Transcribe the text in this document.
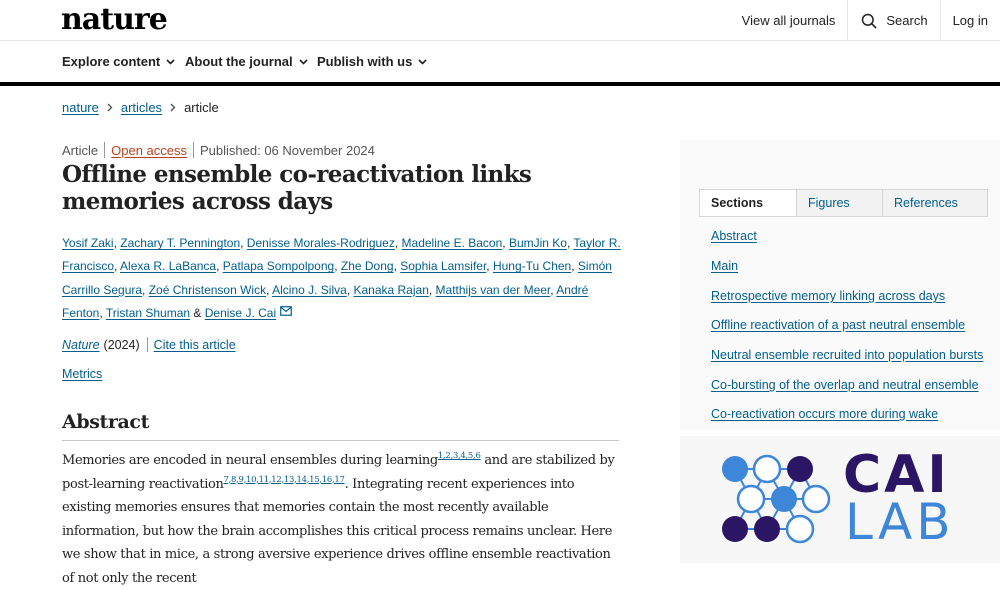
nature	View all journals	Search Log in
Explore content About the journal Publish with us
nature articles article
Article Open access Published: 06 November 2024
Offline ensemble co-reactivation links memories across days
Yosif Zaki, Zachary T. Pennington, Denisse Morales-Rodriguez, Madeline E. Bacon, BumJin Ko, Taylor R. Francisco, Alexa R. LaBanca, Patlapa Sompolpong, Zhe Dong, Sophia Lamsifer, Hung-Tu Chen, Simón Carrillo Segura, Zoé Christenson Wick, Alcino J. Silva, Kanaka Rajan, Matthijs van der Meer, André Fenton, Tristan Shuman & Denise J. Cai
Nature (2024) Cite this article
Metrics
Abstract

Memories are encoded in neural ensembles during learning$^{1,2,3,4,5,6}$ and are stabilized by post-learning reactivation$^{7,8,9,10,11,12,13,14,15,16,17}$. Integrating recent experiences into existing memories ensures that memories contain the most recently available information, but how the brain accomplishes this critical process remains unclear. Here we show that in mice, a strong aversive experience drives offline ensemble reactivation of not only the recent

Sections	Figures	References
Abstract
Main
Retrospective memory linking across days
Offline reactivation of a past neutral ensemble
Neutral ensemble recruited into population bursts
Co-bursting of the overlap and neutral ensemble
Co-reactivation occurs more during wake
CAI
LAB
